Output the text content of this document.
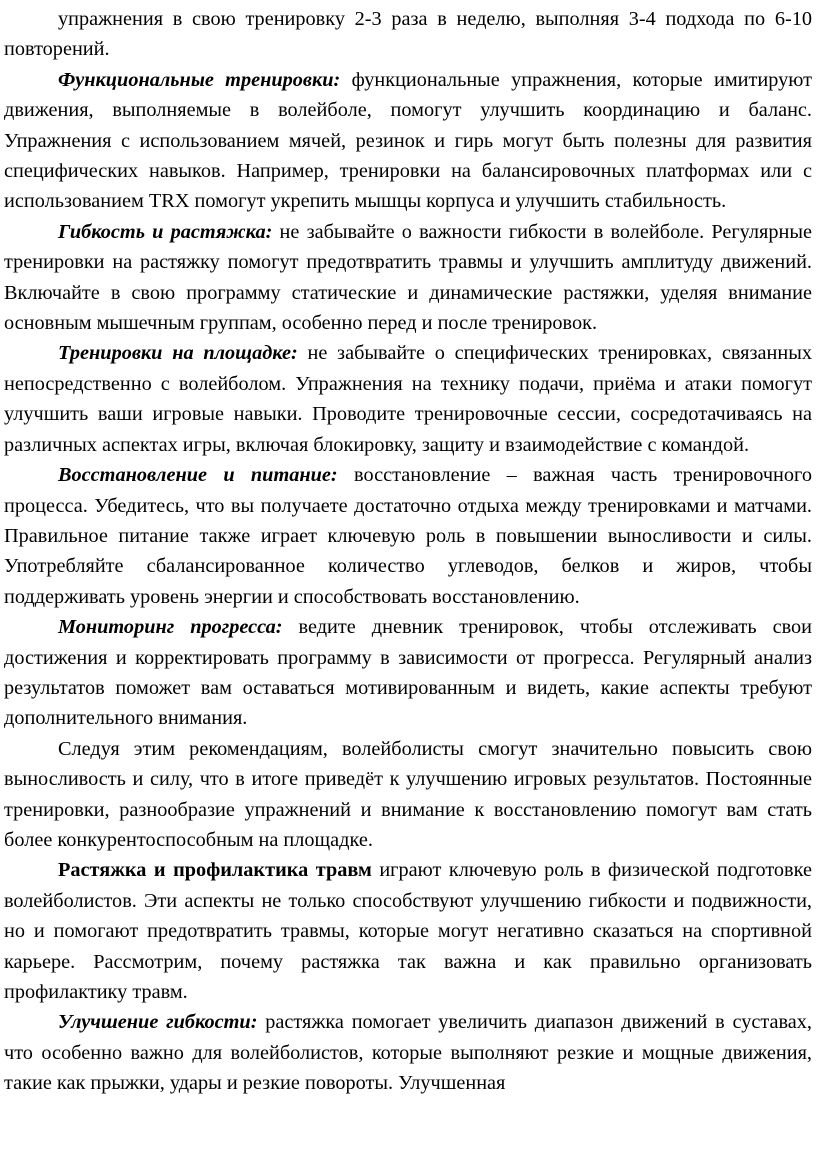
упражнения в свою тренировку 2-3 раза в неделю, выполняя 3-4 подхода по 6-10 повторений.

Функциональные тренировки: функциональные упражнения, которые имитируют движения, выполняемые в волейболе, помогут улучшить координацию и баланс. Упражнения с использованием мячей, резинок и гирь могут быть полезны для развития специфических навыков. Например, тренировки на балансировочных платформах или с использованием TRX помогут укрепить мышцы корпуса и улучшить стабильность.

Гибкость и растяжка: не забывайте о важности гибкости в волейболе. Регулярные тренировки на растяжку помогут предотвратить травмы и улучшить амплитуду движений. Включайте в свою программу статические и динамические растяжки, уделяя внимание основным мышечным группам, особенно перед и после тренировок.

Тренировки на площадке: не забывайте о специфических тренировках, связанных непосредственно с волейболом. Упражнения на технику подачи, приёма и атаки помогут улучшить ваши игровые навыки. Проводите тренировочные сессии, сосредотачиваясь на различных аспектах игры, включая блокировку, защиту и взаимодействие с командой.

Восстановление и питание: восстановление – важная часть тренировочного процесса. Убедитесь, что вы получаете достаточно отдыха между тренировками и матчами. Правильное питание также играет ключевую роль в повышении выносливости и силы. Употребляйте сбалансированное количество углеводов, белков и жиров, чтобы поддерживать уровень энергии и способствовать восстановлению.

Мониторинг прогресса: ведите дневник тренировок, чтобы отслеживать свои достижения и корректировать программу в зависимости от прогресса. Регулярный анализ результатов поможет вам оставаться мотивированным и видеть, какие аспекты требуют дополнительного внимания.

Следуя этим рекомендациям, волейболисты смогут значительно повысить свою выносливость и силу, что в итоге приведёт к улучшению игровых результатов. Постоянные тренировки, разнообразие упражнений и внимание к восстановлению помогут вам стать более конкурентоспособным на площадке.

Растяжка и профилактика травм играют ключевую роль в физической подготовке волейболистов. Эти аспекты не только способствуют улучшению гибкости и подвижности, но и помогают предотвратить травмы, которые могут негативно сказаться на спортивной карьере. Рассмотрим, почему растяжка так важна и как правильно организовать профилактику травм.

Улучшение гибкости: растяжка помогает увеличить диапазон движений в суставах, что особенно важно для волейболистов, которые выполняют резкие и мощные движения, такие как прыжки, удары и резкие повороты. Улучшенная
